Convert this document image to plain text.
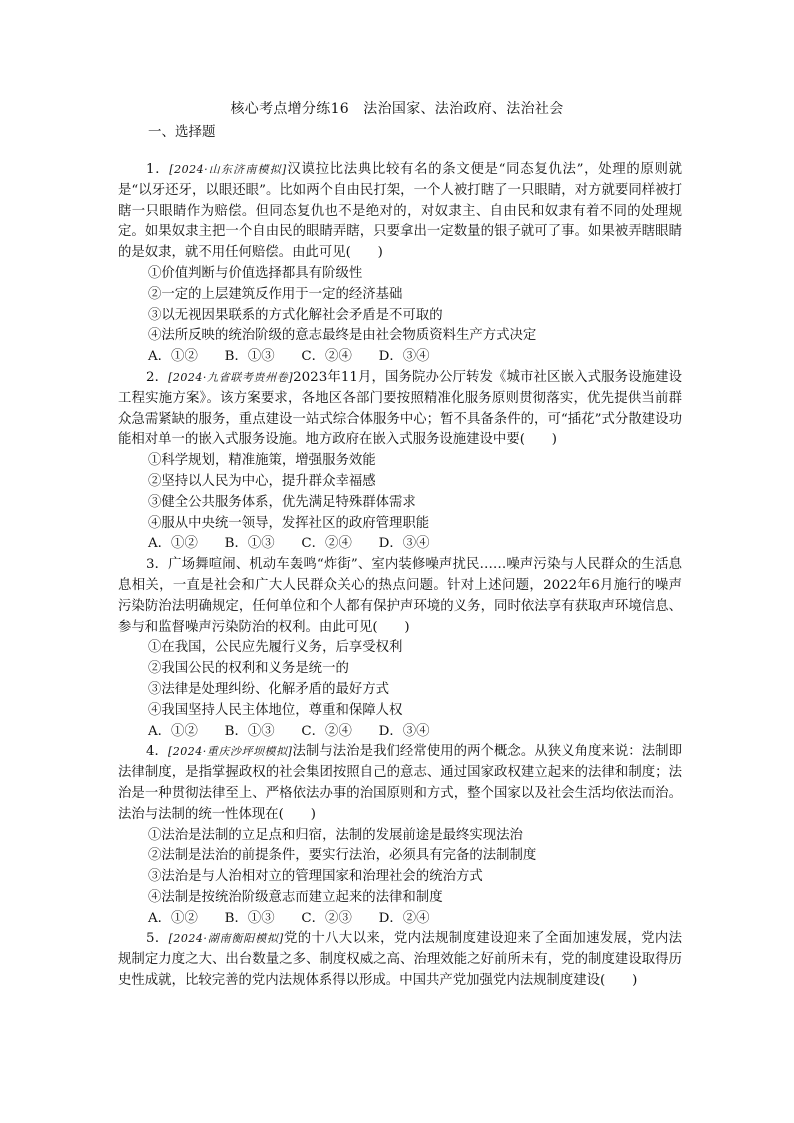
核心考点增分练16　法治国家、法治政府、法治社会
一、选择题
1．[2024·山东济南模拟]汉谟拉比法典比较有名的条文便是“同态复仇法”，处理的原则就是“以牙还牙，以眼还眼”。比如两个自由民打架，一个人被打瞎了一只眼睛，对方就要同样被打瞎一只眼睛作为赔偿。但同态复仇也不是绝对的，对奴隶主、自由民和奴隶有着不同的处理规定。如果奴隶主把一个自由民的眼睛弄瞎，只要拿出一定数量的银子就可了事。如果被弄瞎眼睛的是奴隶，就不用任何赔偿。由此可见(　　)
①价值判断与价值选择都具有阶级性
②一定的上层建筑反作用于一定的经济基础
③以无视因果联系的方式化解社会矛盾是不可取的
④法所反映的统治阶级的意志最终是由社会物质资料生产方式决定
A．①②　　B．①③　　C．②④　　D．③④
2．[2024·九省联考贵州卷]2023年11月，国务院办公厅转发《城市社区嵌入式服务设施建设工程实施方案》。该方案要求，各地区各部门要按照精准化服务原则贯彻落实，优先提供当前群众急需紧缺的服务，重点建设一站式综合体服务中心；暂不具备条件的，可“插花”式分散建设功能相对单一的嵌入式服务设施。地方政府在嵌入式服务设施建设中要(　　)
①科学规划，精准施策，增强服务效能
②坚持以人民为中心，提升群众幸福感
③健全公共服务体系，优先满足特殊群体需求
④服从中央统一领导，发挥社区的政府管理职能
A．①②　　B．①③　　C．②④　　D．③④
3．广场舞喧闹、机动车轰鸣“炸街”、室内装修噪声扰民……噪声污染与人民群众的生活息息相关，一直是社会和广大人民群众关心的热点问题。针对上述问题，2022年6月施行的噪声污染防治法明确规定，任何单位和个人都有保护声环境的义务，同时依法享有获取声环境信息、参与和监督噪声污染防治的权利。由此可见(　　)
①在我国，公民应先履行义务，后享受权利
②我国公民的权利和义务是统一的
③法律是处理纠纷、化解矛盾的最好方式
④我国坚持人民主体地位，尊重和保障人权
A．①②　　B．①③　　C．②④　　D．③④
4．[2024·重庆沙坪坝模拟]法制与法治是我们经常使用的两个概念。从狭义角度来说：法制即法律制度，是指掌握政权的社会集团按照自己的意志、通过国家政权建立起来的法律和制度；法治是一种贯彻法律至上、严格依法办事的治国原则和方式，整个国家以及社会生活均依法而治。法治与法制的统一性体现在(　　)
①法治是法制的立足点和归宿，法制的发展前途是最终实现法治
②法制是法治的前提条件，要实行法治，必须具有完备的法制制度
③法治是与人治相对立的管理国家和治理社会的统治方式
④法制是按统治阶级意志而建立起来的法律和制度
A．①②　　B．①③　　C．②③　　D．②④
5．[2024·湖南衡阳模拟]党的十八大以来，党内法规制度建设迎来了全面加速发展，党内法规制定力度之大、出台数量之多、制度权威之高、治理效能之好前所未有，党的制度建设取得历史性成就，比较完善的党内法规体系得以形成。中国共产党加强党内法规制度建设(　　)
